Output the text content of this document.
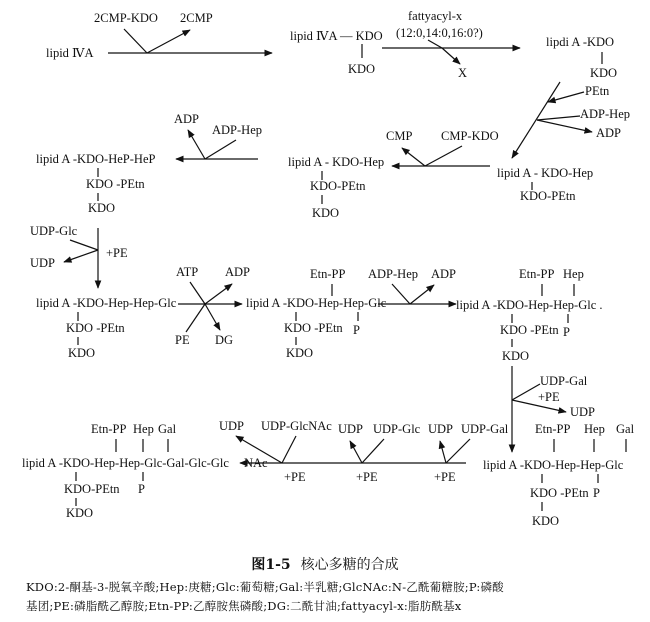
lipid ⅣA
2CMP-KDO 2CMP
lipid ⅣA — KDO
KDO
fattyacyl-x
(12:0,14:0,16:0?)
X
lipdi A -KDO
KDO
PEtn
ADP-Hep
ADP
lipid A - KDO-Hep
KDO-PEtn
CMP CMP-KDO
lipid A - KDO-Hep
KDO-PEtn
KDO
ADP
ADP-Hep
lipid A -KDO-HeP-HeP
KDO -PEtn
KDO
UDP-Glc
UDP
+PE
lipid A -KDO-Hep-Hep-Glc
KDO -PEtn
KDO
ATP ADP
PE DG
Etn-PP
lipid A -KDO-Hep-Hep-Glc
KDO -PEtn P
KDO
ADP-Hep ADP	Etn-PP Hep
lipid A -KDO-Hep-Hep-Glc .
KDO -PEtn P
KDO
UDP-Gal
+PE
UDP
Etn-PP Hep Gal
lipid A -KDO-Hep-Hep-Glc
KDO -PEtn P
KDO
UDP UDP-Gal
+PE
UDP UDP-Glc
+PE
UDP UDP-GlcNAc
+PE
NAc
Etn-PP Hep Gal
lipid A -KDO-Hep-Hep-Glc-Gal-Glc-Glc
KDO-PEtn P
KDO
图1-5 核心多糖的合成
KDO:2-酮基-3-脱氧辛酸;Hep:庚糖;Glc:葡萄糖;Gal:半乳糖;GlcNAc:N-乙酰葡糖胺;P:磷酸
基团;PE:磷脂酰乙醇胺;Etn-PP:乙醇胺焦磷酸;DG:二酰甘油;fattyacyl-x:脂肪酰基x
